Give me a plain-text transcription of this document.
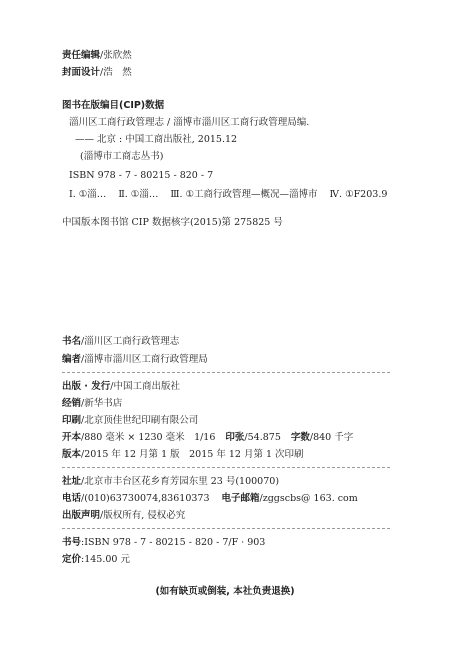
责任编辑/张欣然
封面设计/浩　然
图书在版编目(CIP)数据
淄川区工商行政管理志 / 淄博市淄川区工商行政管理局编.
—— 北京 : 中国工商出版社, 2015.12
(淄博市工商志丛书)
ISBN 978 - 7 - 80215 - 820 - 7
Ⅰ. ①淄… Ⅱ. ①淄… Ⅲ. ①工商行政管理—概况—淄博市 Ⅳ. ①F203.9
中国版本图书馆 CIP 数据核字(2015)第 275825 号
书名/淄川区工商行政管理志
编者/淄博市淄川区工商行政管理局
出版 · 发行/中国工商出版社
经销/新华书店
印刷/北京顶佳世纪印刷有限公司
开本/880 毫米 × 1230 毫米　1/16 印张/54.875 字数/840 千字
版本/2015 年 12 月第 1 版　2015 年 12 月第 1 次印刷
社址/北京市丰台区花乡育芳园东里 23 号(100070)
电话/(010)63730074,83610373 电子邮箱/zggscbs@ 163. com
出版声明/版权所有, 侵权必究
书号:ISBN 978 - 7 - 80215 - 820 - 7/F · 903
定价:145.00 元
(如有缺页或倒装, 本社负责退换)
